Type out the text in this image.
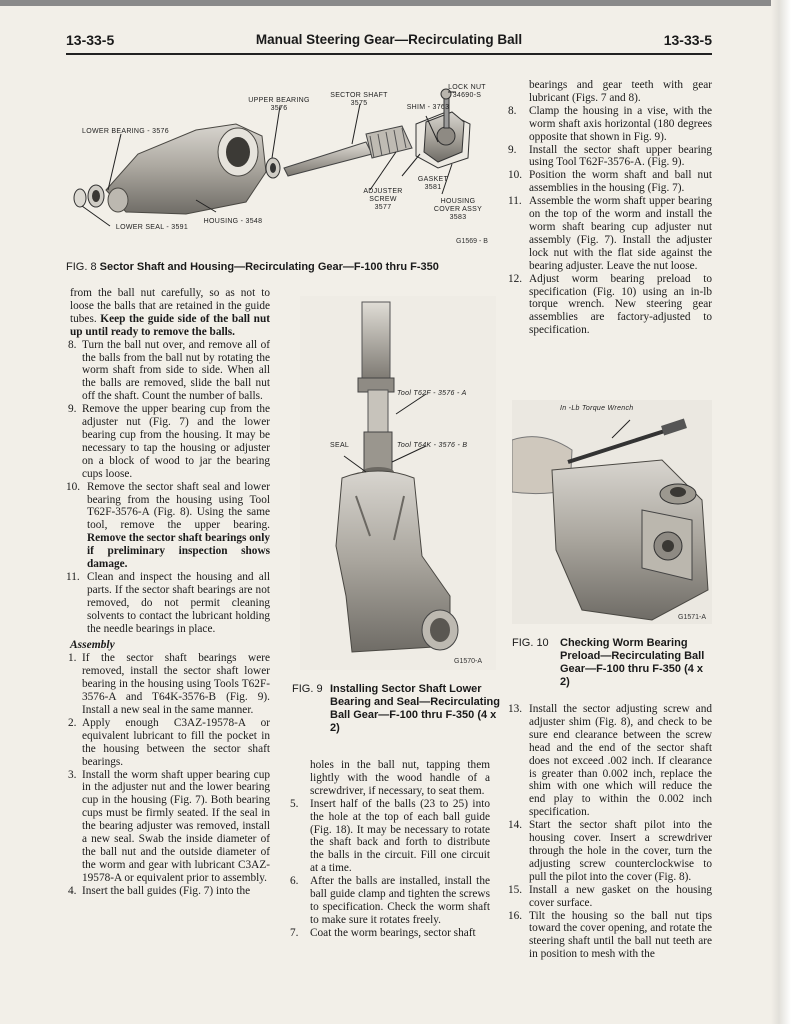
13-33-5	Manual Steering Gear—Recirculating Ball	13-33-5
LOWER BEARING - 3576
UPPER BEARING
3576
SECTOR SHAFT
3575
LOCK NUT
34690-S
SHIM - 3763
GASKET
3581
ADJUSTER
SCREW
3577
HOUSING
COVER ASSY
3583
HOUSING - 3548
LOWER SEAL - 3591
G1569 - B
FIG. 8 Sector Shaft and Housing—Recirculating Gear—F-100 thru F-350

from the ball nut carefully, so as not to loose the balls that are retained in the guide tubes. Keep the guide side of the ball nut up until ready to remove the balls.

8. Turn the ball nut over, and remove all of the balls from the ball nut by rotating the worm shaft from side to side. When all the balls are removed, slide the ball nut off the shaft. Count the number of balls.
9. Remove the upper bearing cup from the adjuster nut (Fig. 7) and the lower bearing cup from the housing. It may be necessary to tap the housing or adjuster on a block of wood to jar the bearing cups loose.
10. Remove the sector shaft seal and lower bearing from the housing using Tool T62F-3576-A (Fig. 8). Using the same tool, remove the upper bearing. Remove the sector shaft bearings only if preliminary inspection shows damage.
11. Clean and inspect the housing and all parts. If the sector shaft bearings are not removed, do not permit cleaning solvents to contact the lubricant holding the needle bearings in place.

Assembly

1. If the sector shaft bearings were removed, install the sector shaft lower bearing in the housing using Tools T62F-3576-A and T64K-3576-B (Fig. 9). Install a new seal in the same manner.
2. Apply enough C3AZ-19578-A or equivalent lubricant to fill the pocket in the housing between the sector shaft bearings.
3. Install the worm shaft upper bearing cup in the adjuster nut and the lower bearing cup in the housing (Fig. 7). Both bearing cups must be firmly seated. If the seal in the bearing adjuster was removed, install a new seal. Swab the inside diameter of the ball nut and the outside diameter of the worm and gear with lubricant C3AZ-19578-A or equivalent prior to assembly.
4. Insert the ball guides (Fig. 7) into the
Tool T62F - 3576 - A
Tool T64K - 3576 - B
SEAL
G1570-A
FIG. 9 Installing Sector Shaft Lower Bearing and Seal—Recirculating Ball Gear—F-100 thru F-350 (4 x 2)

holes in the ball nut, tapping them lightly with the wood handle of a screwdriver, if necessary, to seat them.

5. Insert half of the balls (23 to 25) into the hole at the top of each ball guide (Fig. 18). It may be necessary to rotate the shaft back and forth to distribute the balls in the circuit. Fill one circuit at a time.
6. After the balls are installed, install the ball guide clamp and tighten the screws to specification. Check the worm shaft to make sure it rotates freely.
7. Coat the worm bearings, sector shaft

bearings and gear teeth with gear lubricant (Figs. 7 and 8).

8. Clamp the housing in a vise, with the worm shaft axis horizontal (180 degrees opposite that shown in Fig. 9).
9. Install the sector shaft upper bearing using Tool T62F-3576-A. (Fig. 9).
10. Position the worm shaft and ball nut assemblies in the housing (Fig. 7).
11. Assemble the worm shaft upper bearing on the top of the worm and install the worm shaft bearing cup adjuster nut assembly (Fig. 7). Install the adjuster lock nut with the flat side against the bearing adjuster. Leave the nut loose.
12. Adjust worm bearing preload to specification (Fig. 10) using an in-lb torque wrench. New steering gear assemblies are factory-adjusted to specification.
In -Lb Torque Wrench
G1571-A
FIG. 10 Checking Worm Bearing Preload—Recirculating Ball Gear—F-100 thru F-350 (4 x 2)
13. Install the sector adjusting screw and adjuster shim (Fig. 8), and check to be sure end clearance between the screw head and the end of the sector shaft does not exceed .002 inch. If clearance is greater than 0.002 inch, replace the shim with one which will reduce the end play to within the 0.002 inch specification.
14. Start the sector shaft pilot into the housing cover. Insert a screwdriver through the hole in the cover, turn the adjusting screw counterclockwise to pull the pilot into the cover (Fig. 8).
15. Install a new gasket on the housing cover surface.
16. Tilt the housing so the ball nut tips toward the cover opening, and rotate the steering shaft until the ball nut teeth are in position to mesh with the
